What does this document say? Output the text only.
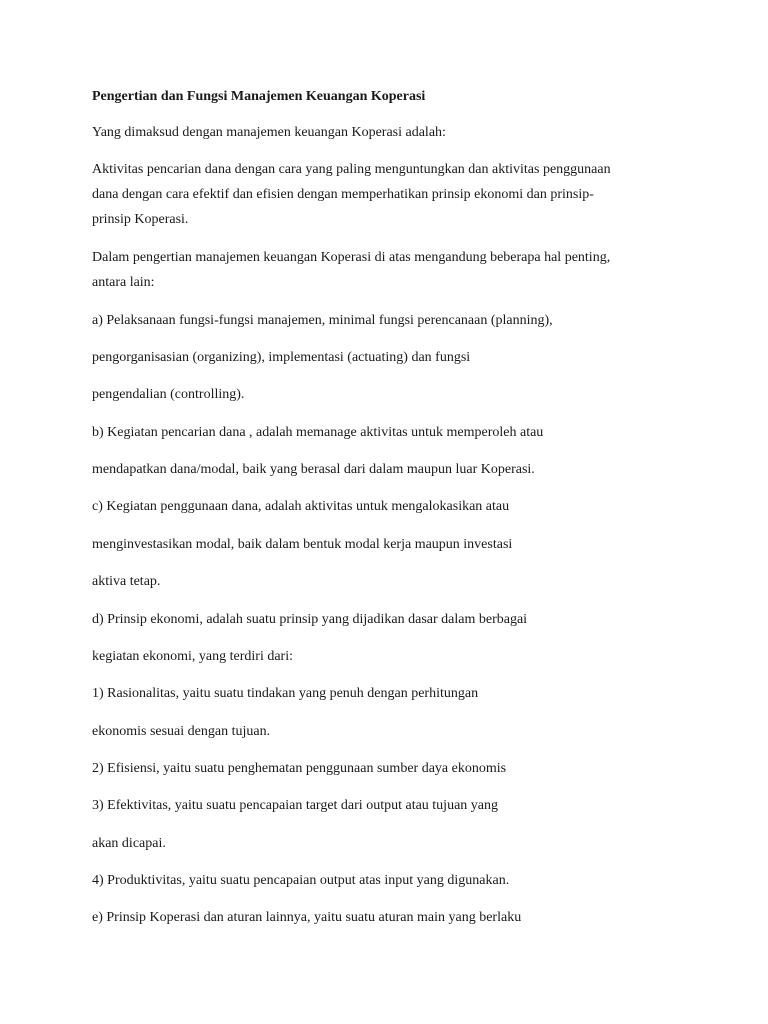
Pengertian dan Fungsi Manajemen Keuangan Koperasi
Yang dimaksud dengan manajemen keuangan Koperasi adalah:
Aktivitas pencarian dana dengan cara yang paling menguntungkan dan aktivitas penggunaan
dana dengan cara efektif dan efisien dengan memperhatikan prinsip ekonomi dan prinsip-
prinsip Koperasi.
Dalam pengertian manajemen keuangan Koperasi di atas mengandung beberapa hal penting,
antara lain:
a) Pelaksanaan fungsi-fungsi manajemen, minimal fungsi perencanaan (planning),
pengorganisasian (organizing), implementasi (actuating) dan fungsi
pengendalian (controlling).
b) Kegiatan pencarian dana , adalah memanage aktivitas untuk memperoleh atau
mendapatkan dana/modal, baik yang berasal dari dalam maupun luar Koperasi.
c) Kegiatan penggunaan dana, adalah aktivitas untuk mengalokasikan atau
menginvestasikan modal, baik dalam bentuk modal kerja maupun investasi
aktiva tetap.
d) Prinsip ekonomi, adalah suatu prinsip yang dijadikan dasar dalam berbagai
kegiatan ekonomi, yang terdiri dari:
1) Rasionalitas, yaitu suatu tindakan yang penuh dengan perhitungan
ekonomis sesuai dengan tujuan.
2) Efisiensi, yaitu suatu penghematan penggunaan sumber daya ekonomis
3) Efektivitas, yaitu suatu pencapaian target dari output atau tujuan yang
akan dicapai.
4) Produktivitas, yaitu suatu pencapaian output atas input yang digunakan.
e) Prinsip Koperasi dan aturan lainnya, yaitu suatu aturan main yang berlaku
